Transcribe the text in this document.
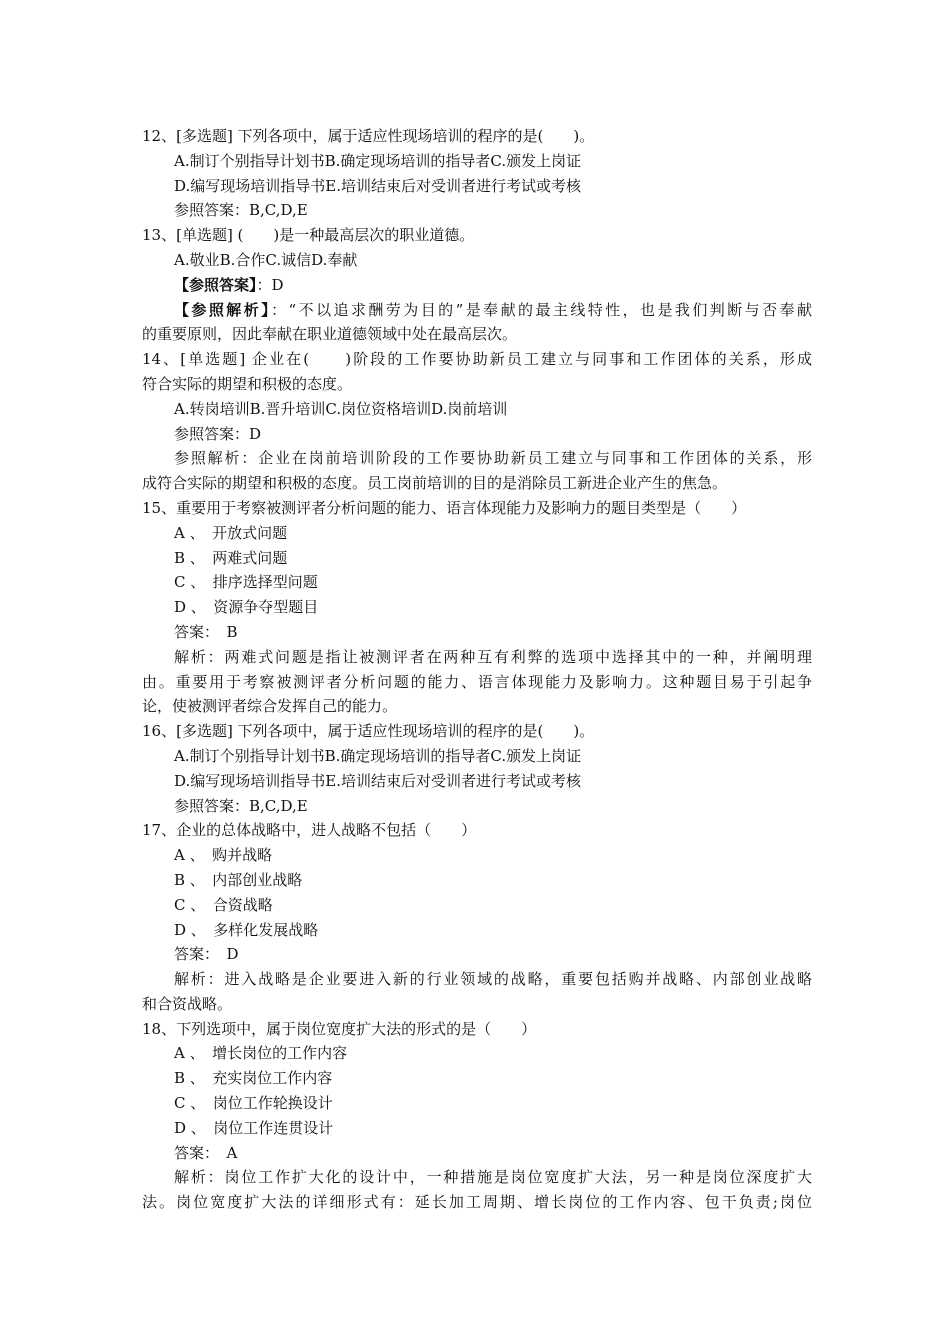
12、[多选题] 下列各项中，属于适应性现场培训的程序的是(　　)。
A.制订个别指导计划书B.确定现场培训的指导者C.颁发上岗证
D.编写现场培训指导书E.培训结束后对受训者进行考试或考核
参照答案：B,C,D,E
13、[单选题] (　　)是一种最高层次的职业道德。
A.敬业B.合作C.诚信D.奉献
【参照答案】：D
【参照解析】：“不以追求酬劳为目的”是奉献的最主线特性，也是我们判断与否奉献
的重要原则，因此奉献在职业道德领域中处在最高层次。
14、[单选题] 企业在(　　)阶段的工作要协助新员工建立与同事和工作团体的关系，形成
符合实际的期望和积极的态度。
A.转岗培训B.晋升培训C.岗位资格培训D.岗前培训
参照答案：D
参照解析：企业在岗前培训阶段的工作要协助新员工建立与同事和工作团体的关系，形
成符合实际的期望和积极的态度。员工岗前培训的目的是消除员工新进企业产生的焦急。
15、重要用于考察被测评者分析问题的能力、语言体现能力及影响力的题目类型是（　　）
A 、　开放式问题
B 、　两难式问题
C 、　排序选择型问题
D 、　资源争夺型题目
答案：　B
解析：两难式问题是指让被测评者在两种互有利弊的选项中选择其中的一种，并阐明理
由。重要用于考察被测评者分析问题的能力、语言体现能力及影响力。这种题目易于引起争
论，使被测评者综合发挥自己的能力。
16、[多选题] 下列各项中，属于适应性现场培训的程序的是(　　)。
A.制订个别指导计划书B.确定现场培训的指导者C.颁发上岗证
D.编写现场培训指导书E.培训结束后对受训者进行考试或考核
参照答案：B,C,D,E
17、企业的总体战略中，进人战略不包括（　　）
A 、　购并战略
B 、　内部创业战略
C 、　合资战略
D 、　多样化发展战略
答案：　D
解析：进入战略是企业要进入新的行业领域的战略，重要包括购并战略、内部创业战略
和合资战略。
18、下列选项中，属于岗位宽度扩大法的形式的是（　　）
A 、　增长岗位的工作内容
B 、　充实岗位工作内容
C 、　岗位工作轮换设计
D 、　岗位工作连贯设计
答案：　A
解析：岗位工作扩大化的设计中，一种措施是岗位宽度扩大法，另一种是岗位深度扩大
法。岗位宽度扩大法的详细形式有：延长加工周期、增长岗位的工作内容、包干负责;岗位
